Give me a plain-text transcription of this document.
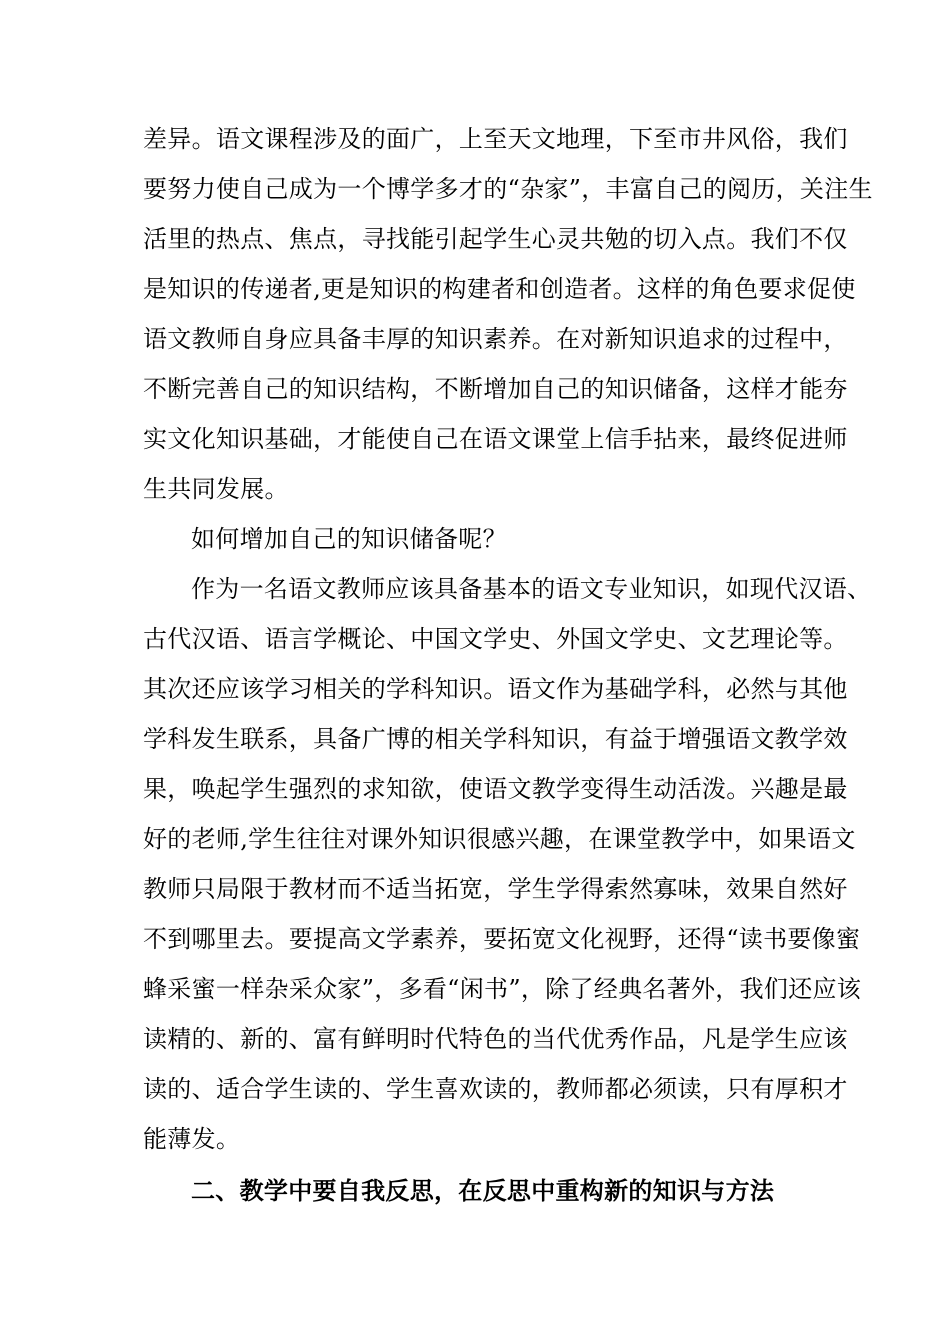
差异。语文课程涉及的面广，上至天文地理，下至市井风俗，我们
要努力使自己成为一个博学多才的“杂家”，丰富自己的阅历，关注生
活里的热点、焦点，寻找能引起学生心灵共勉的切入点。我们不仅
是知识的传递者,更是知识的构建者和创造者。这样的角色要求促使
语文教师自身应具备丰厚的知识素养。在对新知识追求的过程中，
不断完善自己的知识结构，不断增加自己的知识储备，这样才能夯
实文化知识基础，才能使自己在语文课堂上信手拈来，最终促进师
生共同发展。
如何增加自己的知识储备呢？
作为一名语文教师应该具备基本的语文专业知识，如现代汉语、
古代汉语、语言学概论、中国文学史、外国文学史、文艺理论等。
其次还应该学习相关的学科知识。语文作为基础学科，必然与其他
学科发生联系，具备广博的相关学科知识，有益于增强语文教学效
果，唤起学生强烈的求知欲，使语文教学变得生动活泼。兴趣是最
好的老师,学生往往对课外知识很感兴趣，在课堂教学中，如果语文
教师只局限于教材而不适当拓宽，学生学得索然寡味，效果自然好
不到哪里去。要提高文学素养，要拓宽文化视野，还得“读书要像蜜
蜂采蜜一样杂采众家”，多看“闲书”，除了经典名著外，我们还应该
读精的、新的、富有鲜明时代特色的当代优秀作品，凡是学生应该
读的、适合学生读的、学生喜欢读的，教师都必须读，只有厚积才
能薄发。
二、教学中要自我反思，在反思中重构新的知识与方法
